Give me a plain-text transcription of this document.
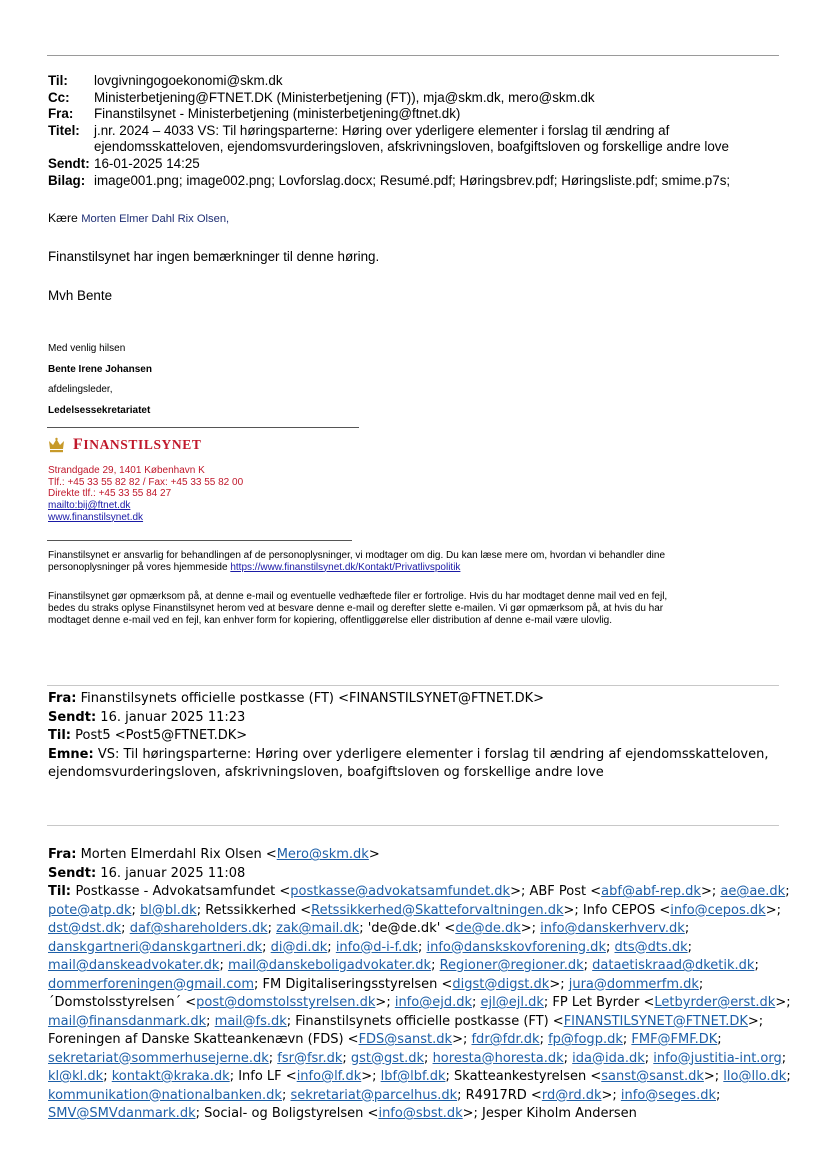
Til:	lovgivningogoekonomi@skm.dk
Cc:	Ministerbetjening@FTNET.DK (Ministerbetjening (FT)), mja@skm.dk, mero@skm.dk
Fra:	Finanstilsynet - Ministerbetjening (ministerbetjening@ftnet.dk)
Titel:	j.nr. 2024 – 4033 VS: Til høringsparterne: Høring over yderligere elementer i forslag til ændring af
ejendomsskatteloven, ejendomsvurderingsloven, afskrivningsloven, boafgiftsloven og forskellige andre love
Sendt: 16-01-2025 14:25
Bilag: image001.png; image002.png; Lovforslag.docx; Resumé.pdf; Høringsbrev.pdf; Høringsliste.pdf; smime.p7s;
Kære Morten Elmer Dahl Rix Olsen,
Finanstilsynet har ingen bemærkninger til denne høring.
Mvh Bente
Med venlig hilsen
Bente Irene Johansen
afdelingsleder,
Ledelsessekretariatet
FINANSTILSYNET
Strandgade 29, 1401 København K
Tlf.: +45 33 55 82 82 / Fax: +45 33 55 82 00
Direkte tlf.: +45 33 55 84 27
mailto:bij@ftnet.dk
www.finanstilsynet.dk
Finanstilsynet er ansvarlig for behandlingen af de personoplysninger, vi modtager om dig. Du kan læse mere om, hvordan vi behandler dine
personoplysninger på vores hjemmeside https://www.finanstilsynet.dk/Kontakt/Privatlivspolitik
Finanstilsynet gør opmærksom på, at denne e-mail og eventuelle vedhæftede filer er fortrolige. Hvis du har modtaget denne mail ved en fejl,
bedes du straks oplyse Finanstilsynet herom ved at besvare denne e-mail og derefter slette e-mailen. Vi gør opmærksom på, at hvis du har
modtaget denne e-mail ved en fejl, kan enhver form for kopiering, offentliggørelse eller distribution af denne e-mail være ulovlig.
Fra: Finanstilsynets officielle postkasse (FT) <FINANSTILSYNET@FTNET.DK>
Sendt: 16. januar 2025 11:23
Til: Post5 <Post5@FTNET.DK>
Emne: VS: Til høringsparterne: Høring over yderligere elementer i forslag til ændring af ejendomsskatteloven,
ejendomsvurderingsloven, afskrivningsloven, boafgiftsloven og forskellige andre love
Fra: Morten Elmerdahl Rix Olsen <Mero@skm.dk>
Sendt: 16. januar 2025 11:08
Til: Postkasse - Advokatsamfundet <postkasse@advokatsamfundet.dk>; ABF Post <abf@abf-rep.dk>; ae@ae.dk;
pote@atp.dk; bl@bl.dk; Retssikkerhed <Retssikkerhed@Skatteforvaltningen.dk>; Info CEPOS <info@cepos.dk>;
dst@dst.dk; daf@shareholders.dk; zak@mail.dk; 'de@de.dk' <de@de.dk>; info@danskerhverv.dk;
danskgartneri@danskgartneri.dk; di@di.dk; info@d-i-f.dk; info@danskskovforening.dk; dts@dts.dk;
mail@danskeadvokater.dk; mail@danskeboligadvokater.dk; Regioner@regioner.dk; dataetiskraad@dketik.dk;
dommerforeningen@gmail.com; FM Digitaliseringsstyrelsen <digst@digst.dk>; jura@dommerfm.dk;
´Domstolsstyrelsen´ <post@domstolsstyrelsen.dk>; info@ejd.dk; ejl@ejl.dk; FP Let Byrder <Letbyrder@erst.dk>;
mail@finansdanmark.dk; mail@fs.dk; Finanstilsynets officielle postkasse (FT) <FINANSTILSYNET@FTNET.DK>;
Foreningen af Danske Skatteankenævn (FDS) <FDS@sanst.dk>; fdr@fdr.dk; fp@fogp.dk; FMF@FMF.DK;
sekretariat@sommerhusejerne.dk; fsr@fsr.dk; gst@gst.dk; horesta@horesta.dk; ida@ida.dk; info@justitia-int.org;
kl@kl.dk; kontakt@kraka.dk; Info LF <info@lf.dk>; lbf@lbf.dk; Skatteankestyrelsen <sanst@sanst.dk>; llo@llo.dk;
kommunikation@nationalbanken.dk; sekretariat@parcelhus.dk; R4917RD <rd@rd.dk>; info@seges.dk;
SMV@SMVdanmark.dk; Social- og Boligstyrelsen <info@sbst.dk>; Jesper Kiholm Andersen
